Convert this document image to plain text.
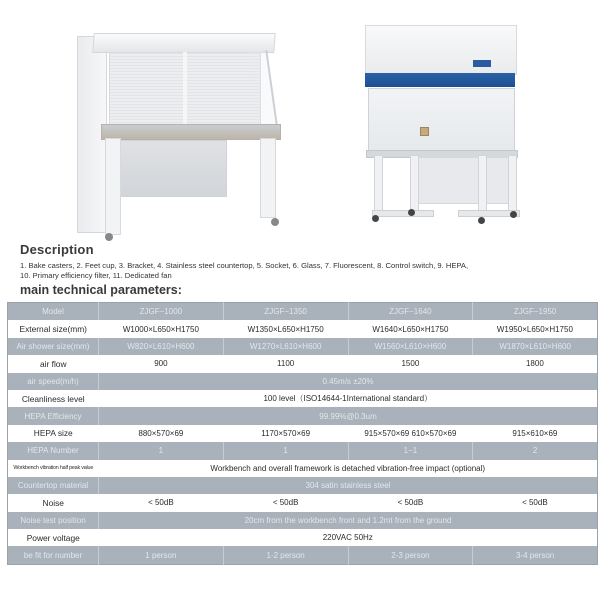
Description

1. Bake casters, 2. Feet cup, 3. Bracket, 4. Stainless steel countertop, 5. Socket, 6. Glass, 7. Fluorescent, 8. Control switch, 9. HEPA,

10. Primary efficiency filter, 11. Dedicated fan

main technical parameters:
Model	ZJGF−1000	ZJGF−1350	ZJGF−1640	ZJGF−1950
External size(mm)	W1000×L650×H1750	W1350×L650×H1750	W1640×L650×H1750	W1950×L650×H1750
Air shower size(mm)	W820×L610×H600	W1270×L610×H600	W1560×L610×H600	W1870×L610×H600
air flow	900	1100	1500	1800
air speed(m/h)	0.45m/s ±20%			
Cleanliness level	100 level（ISO14644-1International standard）			
HEPA Efficiency	99.99%@0.3um			
HEPA size	880×570×69	1170×570×69	915×570×69 610×570×69	915×610×69
HEPA Number	1	1	1−1	2
Workbench vibration half peak value	Workbench and overall framework is detached vibration-free impact (optional)			
Countertop material	304 satin stainless steel			
Noise	< 50dB	< 50dB	< 50dB	< 50dB
Noise test position	20cm from the workbench front and 1.2mt from the ground			
Power voltage	220VAC 50Hz			
be fit for number	1 person	1-2 person	2-3 person	3-4 person
